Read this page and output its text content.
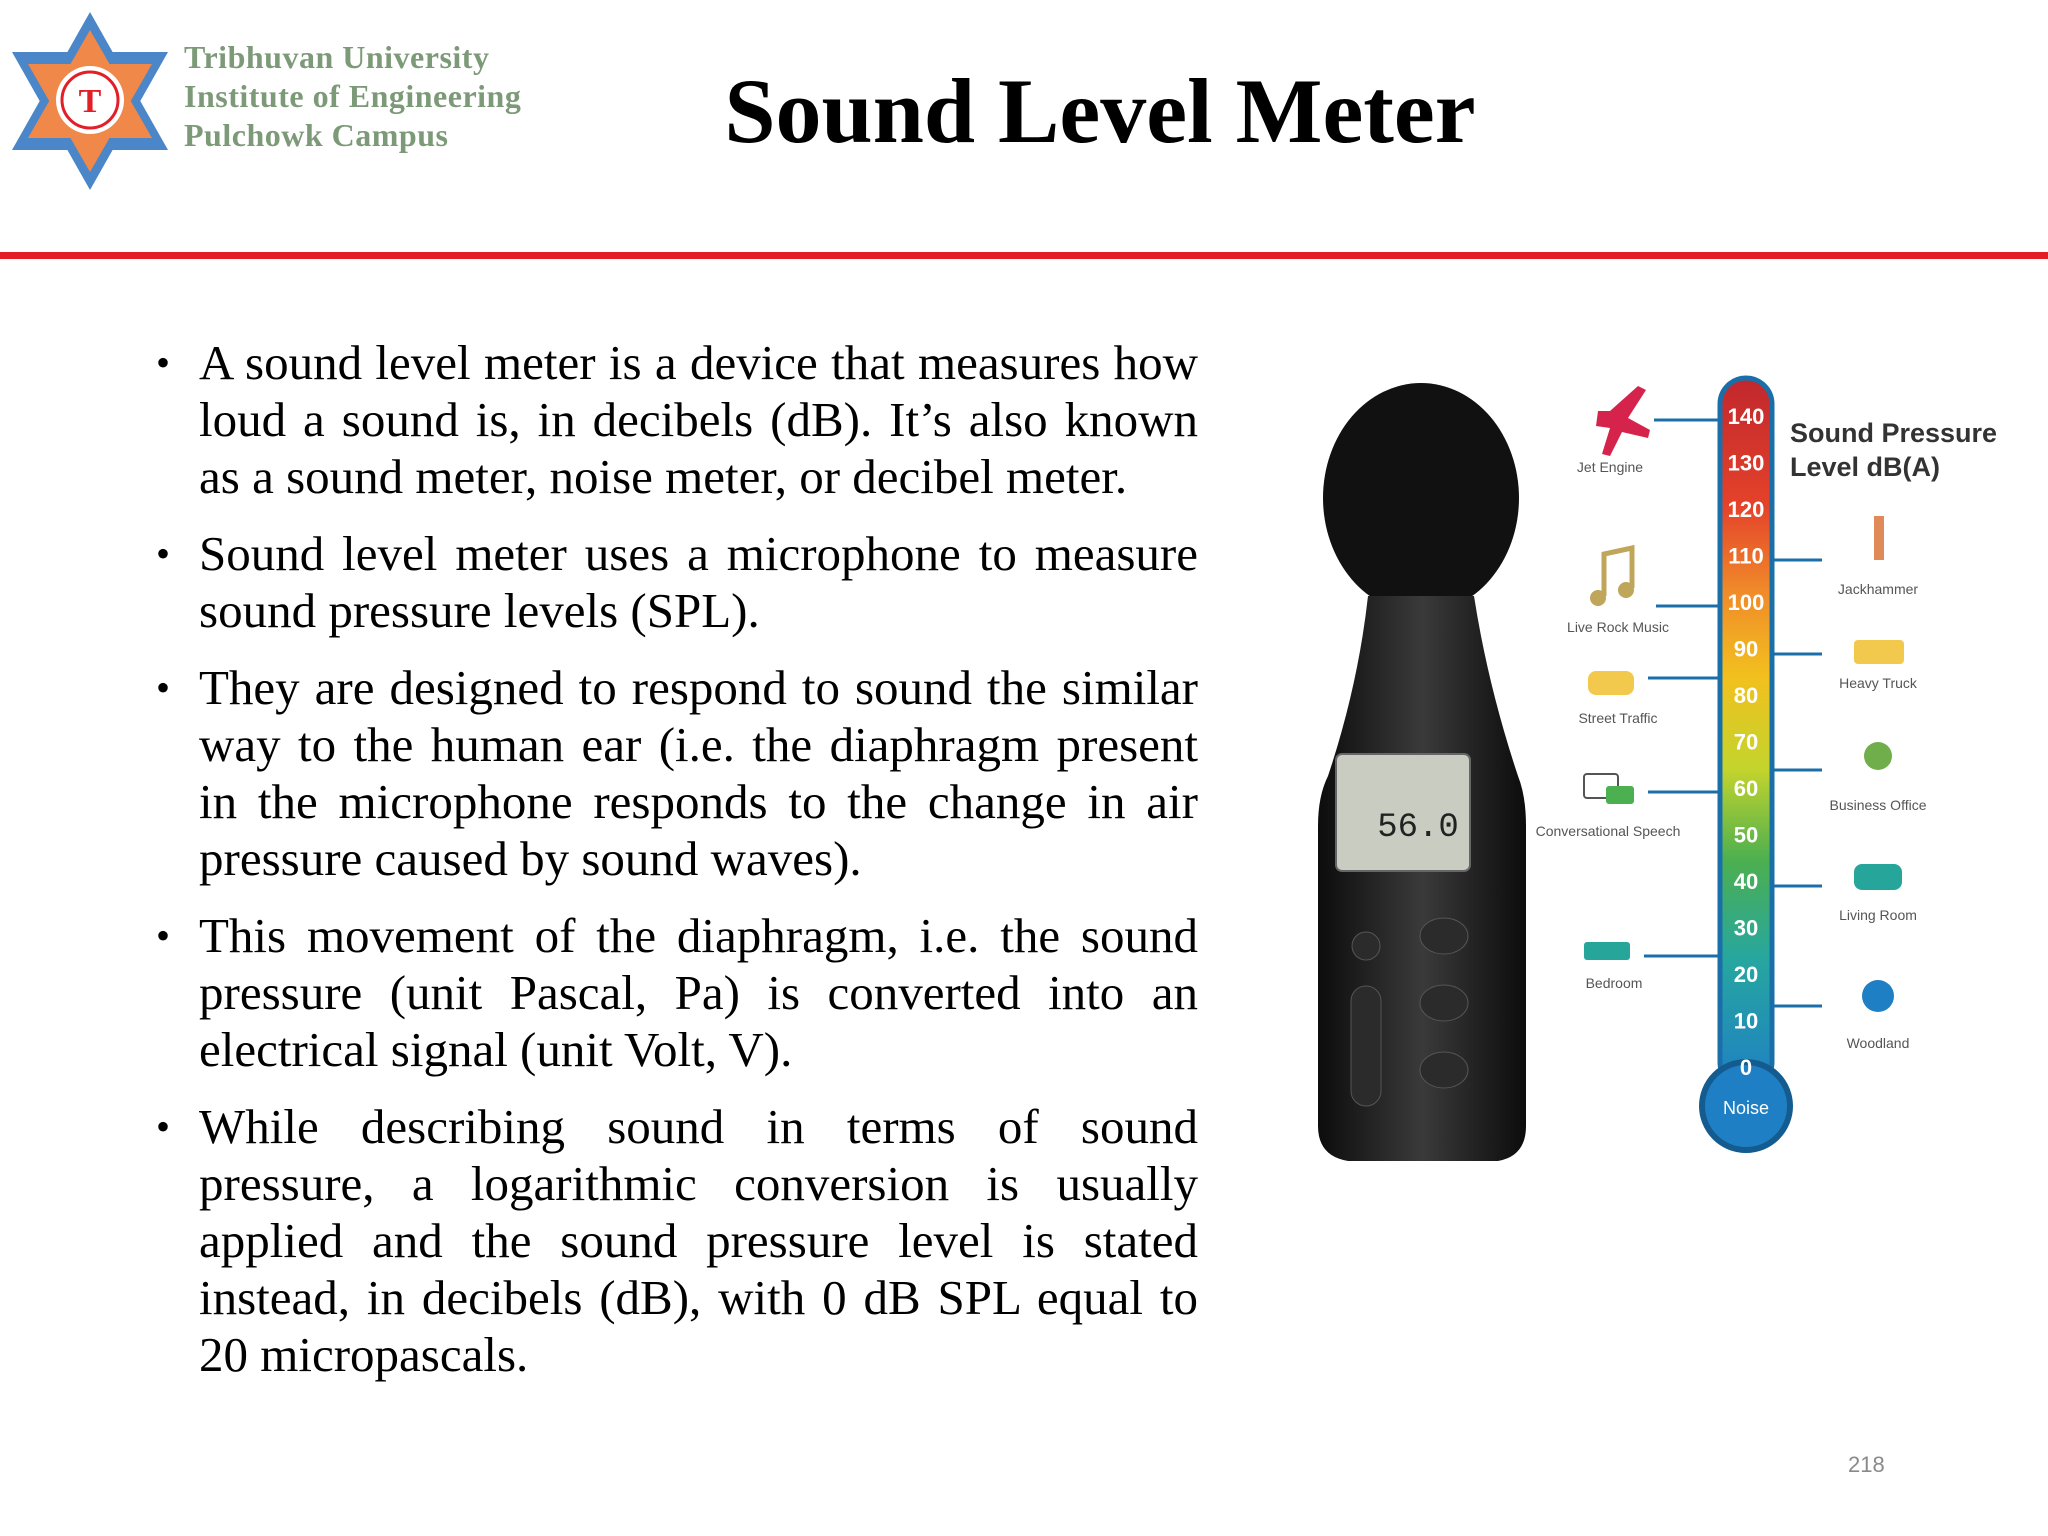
T
Tribhuvan University
Institute of Engineering
Pulchowk Campus	Sound Level Meter
• A sound level meter is a device that measures how loud a sound is, in decibels (dB). It’s also known as a sound meter, noise meter, or decibel meter.
• Sound level meter uses a microphone to measure sound pressure levels (SPL).
• They are designed to respond to sound the similar way to the human ear (i.e. the diaphragm present in the microphone responds to the change in air pressure caused by sound waves).
• This movement of the diaphragm, i.e. the sound pressure (unit Pascal, Pa) is converted into an electrical signal (unit Volt, V).
• While describing sound in terms of sound pressure, a logarithmic conversion is usually applied and the sound pressure level is stated instead, in decibels (dB), with 0 dB SPL equal to 20 micropascals.
56.0
Noise
140
130
120
110
100
90
80
70
60
50
40
30
20
10
0
Sound Pressure
Level dB(A)
Jet Engine
Live Rock Music
Street Traffic
Conversational Speech
Bedroom
Jackhammer
Heavy Truck
Business Office
Living Room
Woodland
218
